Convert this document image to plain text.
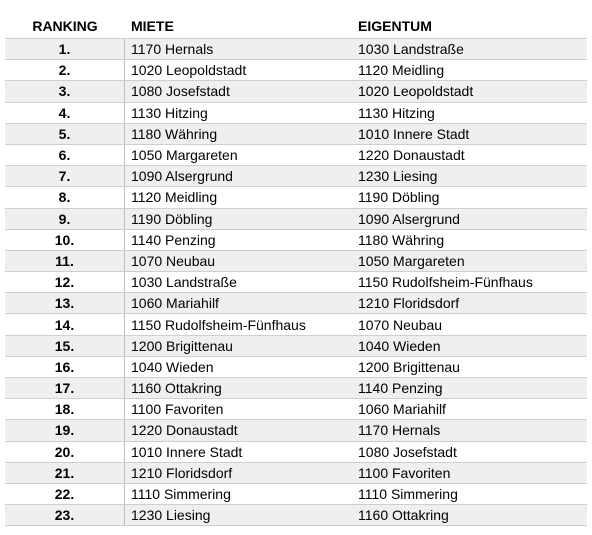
RANKING	MIETE	EIGENTUM
1.	1170 Hernals	1030 Landstraße
2.	1020 Leopoldstadt	1120 Meidling
3.	1080 Josefstadt	1020 Leopoldstadt
4.	1130 Hitzing	1130 Hitzing
5.	1180 Währing	1010 Innere Stadt
6.	1050 Margareten	1220 Donaustadt
7.	1090 Alsergrund	1230 Liesing
8.	1120 Meidling	1190 Döbling
9.	1190 Döbling	1090 Alsergrund
10.	1140 Penzing	1180 Währing
11.	1070 Neubau	1050 Margareten
12.	1030 Landstraße	1150 Rudolfsheim-Fünfhaus
13.	1060 Mariahilf	1210 Floridsdorf
14.	1150 Rudolfsheim-Fünfhaus	1070 Neubau
15.	1200 Brigittenau	1040 Wieden
16.	1040 Wieden	1200 Brigittenau
17.	1160 Ottakring	1140 Penzing
18.	1100 Favoriten	1060 Mariahilf
19.	1220 Donaustadt	1170 Hernals
20.	1010 Innere Stadt	1080 Josefstadt
21.	1210 Floridsdorf	1100 Favoriten
22.	1110 Simmering	1110 Simmering
23.	1230 Liesing	1160 Ottakring
